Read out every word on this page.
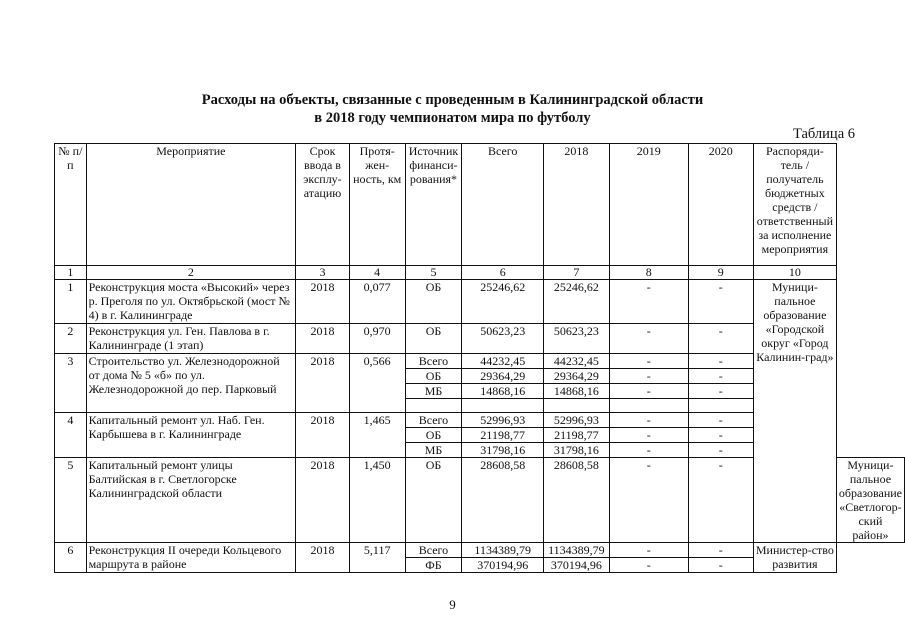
Расходы на объекты, связанные с проведенным в Калининградской области
в 2018 году чемпионатом мира по футболу
Таблица 6
№ п/п	Мероприятие	Срок ввода в эксплу-атацию	Протя-жен-ность, км	Источник финанси-рования*	Всего	2018	2019	2020	Распоряди-тель / получатель бюджетных средств / ответственный за исполнение мероприятия	
1	2	3	4	5	6	7	8	9	10	
1	Реконструкция моста «Высокий» через р. Преголя по ул. Октябрьской (мост № 4) в г. Калининграде	2018	0,077	ОБ	25246,62	25246,62	-	-	Муници-пальное образование «Городской округ «Город Калинин-град»	
2	Реконструкция ул. Ген. Павлова в г. Калининграде (1 этап)	2018	0,970	ОБ	50623,23	50623,23	-	-		
3	Строительство ул. Железнодорожной от дома № 5 «б» по ул. Железнодорожной до пер. Парковый	2018	0,566	Всего	44232,45	44232,45	-	-		
				ОБ	29364,29	29364,29	-	-		
				МБ	14868,16	14868,16	-	-		

4	Капитальный ремонт ул. Наб. Ген. Карбышева в г. Калининграде	2018	1,465	Всего	52996,93	52996,93	-	-		
				ОБ	21198,77	21198,77	-	-		
				МБ	31798,16	31798,16	-	-		
5	Капитальный ремонт улицы Балтийская в г. Светлогорске Калининградской области	2018	1,450	ОБ	28608,58	28608,58	-	-		Муници-пальное образование «Светлогор-ский район»
6	Реконструкция II очереди Кольцевого маршрута в районе	2018	5,117	Всего	1134389,79	1134389,79	-	-	Министер-ство развития	
				ФБ	370194,96	370194,96	-	-		
9
